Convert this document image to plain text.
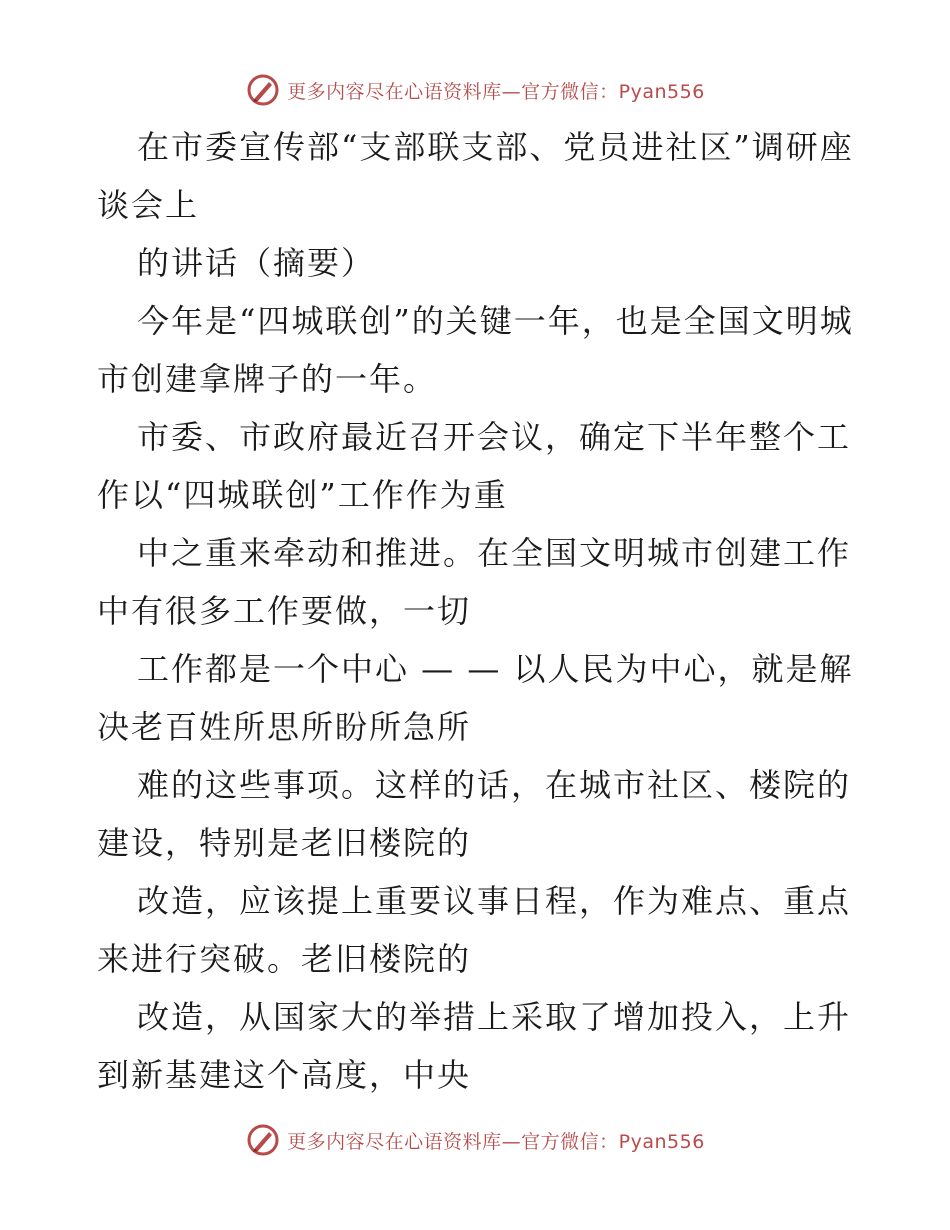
更多内容尽在心语资料库—官方微信：Pyan556

在市委宣传部“支部联支部、党员进社区”调研座谈会上

的讲话（摘要）

今年是“四城联创”的关键一年，也是全国文明城市创建拿牌子的一年。

市委、市政府最近召开会议，确定下半年整个工作以“四城联创”工作作为重

中之重来牵动和推进。在全国文明城市创建工作中有很多工作要做，一切

工作都是一个中心 — — 以人民为中心，就是解决老百姓所思所盼所急所

难的这些事项。这样的话，在城市社区、楼院的建设，特别是老旧楼院的

改造，应该提上重要议事日程，作为难点、重点来进行突破。老旧楼院的

改造，从国家大的举措上采取了增加投入，上升到新基建这个高度，中央

更多内容尽在心语资料库—官方微信：Pyan556
